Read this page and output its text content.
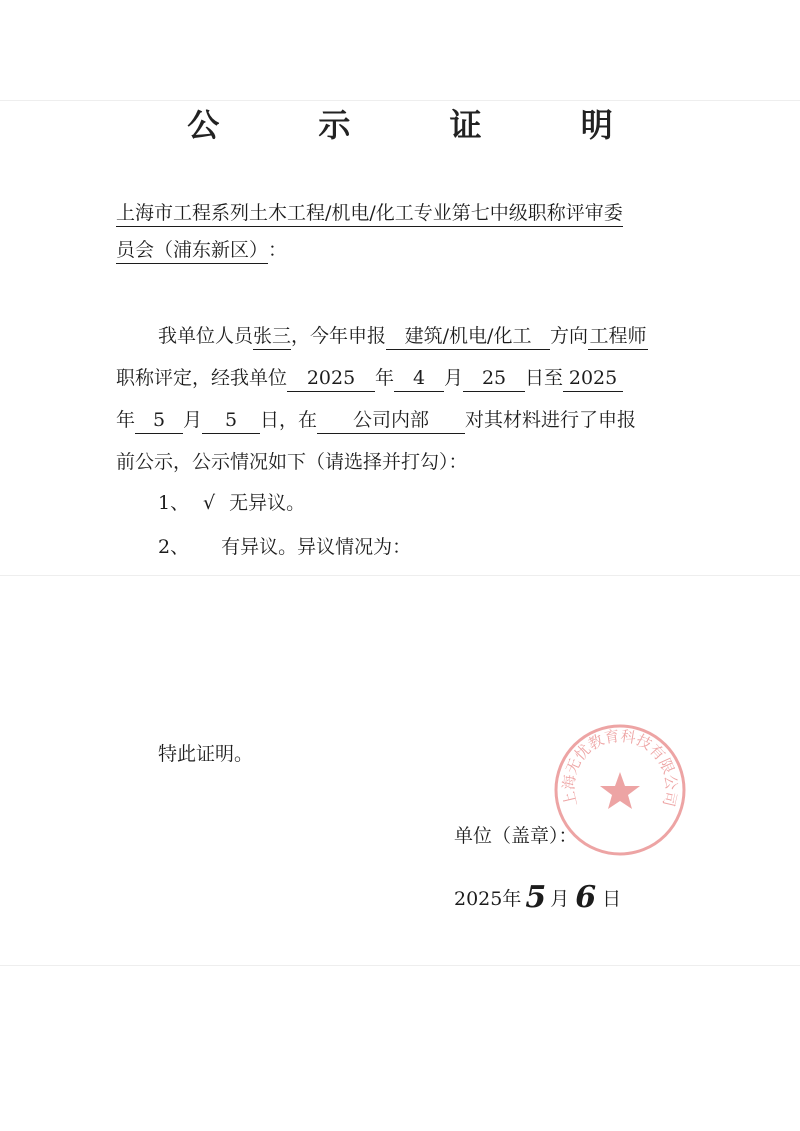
公 示 证 明
上海市工程系列土木工程/机电/化工专业第七中级职称评审委
员会（浦东新区）：
我单位人员张三，今年申报 建筑/机电/化工 方向工程师
职称评定，经我单位 2025 年 4 月 25 日至 2025
年 5 月 5 日，在 公司内部 对其材料进行了申报
前公示，公示情况如下（请选择并打勾）：
1、 √ 无异议。
2、 有异议。异议情况为：
特此证明。
上海无忧教育科技有限公司
单位（盖章）：
2025年 5 月 6 日
